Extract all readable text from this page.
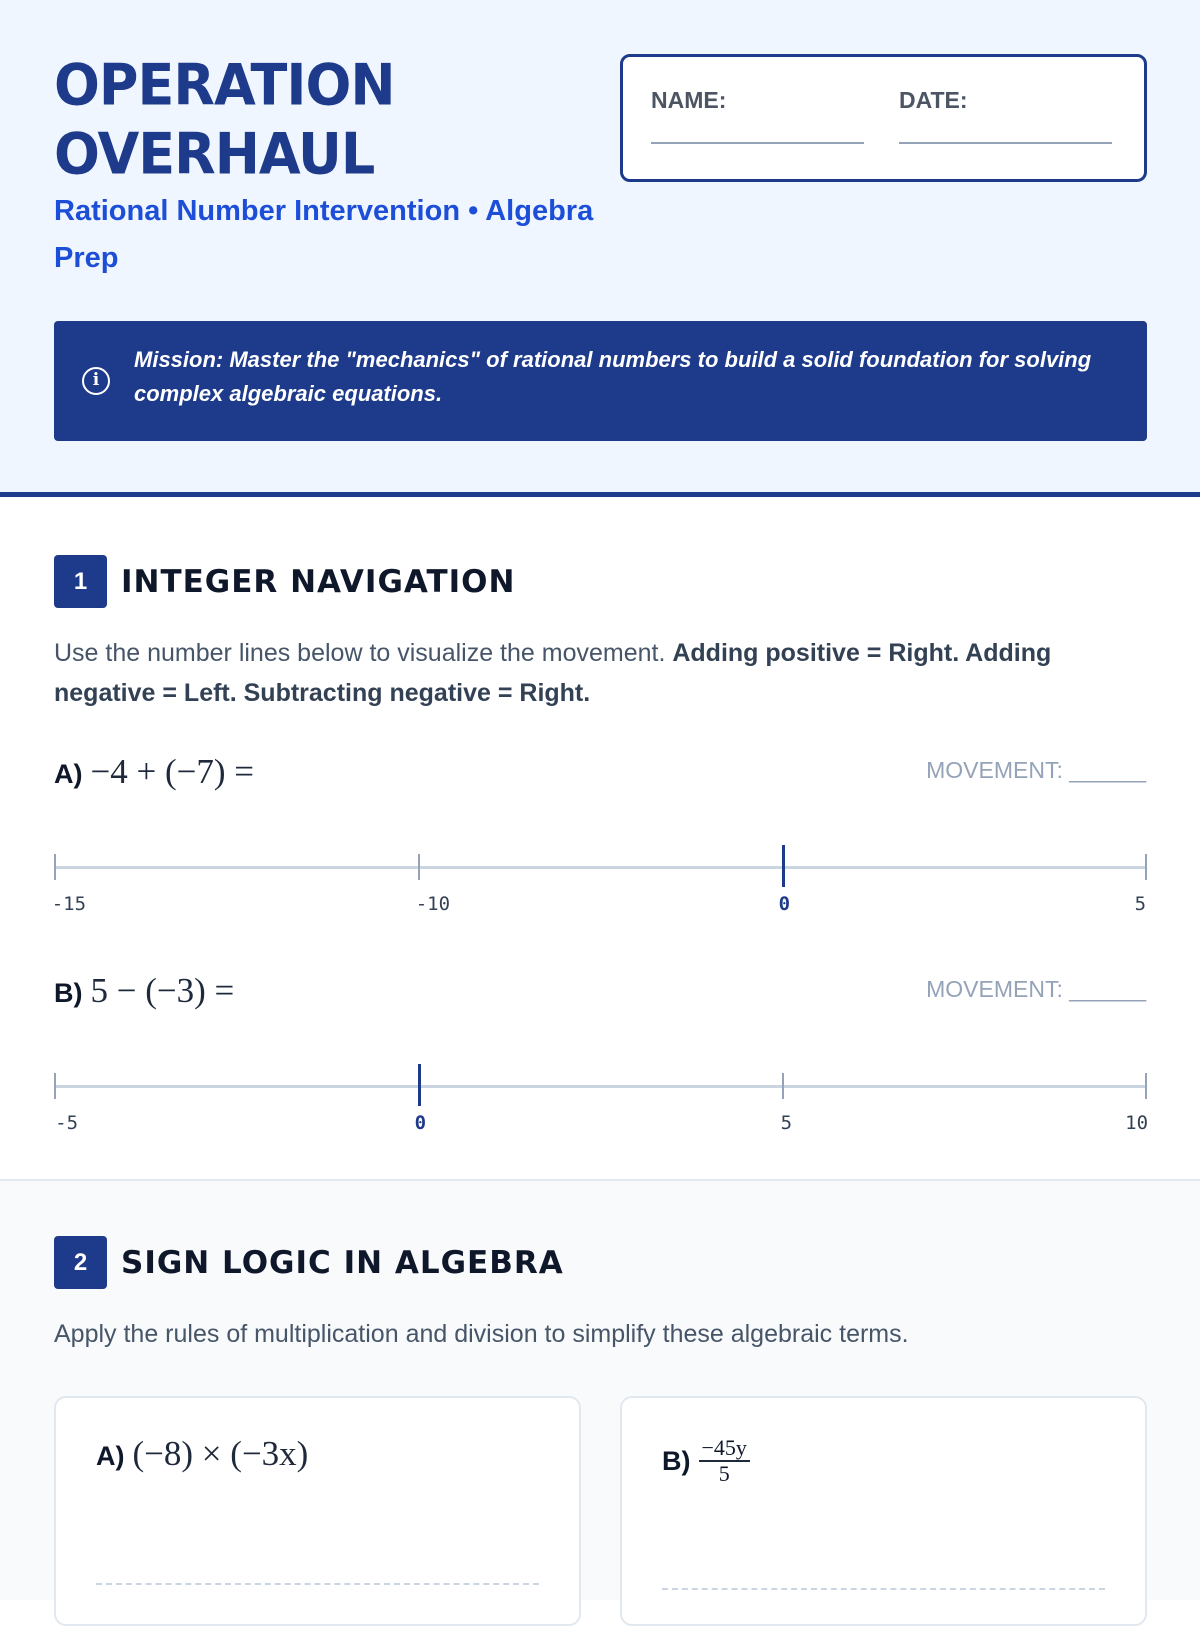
OPERATION
OVERHAUL
Rational Number Intervention • Algebra Prep
NAME:	DATE:
i
Mission: Master the "mechanics" of rational numbers to build a solid foundation for solving complex algebraic equations.
1	INTEGER NAVIGATION
Use the number lines below to visualize the movement. Adding positive = Right. Adding negative = Left. Subtracting negative = Right.
A) −4 + (−7) =	MOVEMENT: ______
-15	-10	0	5
B) 5 − (−3) =	MOVEMENT: ______
-5	0	5	10
2	SIGN LOGIC IN ALGEBRA
Apply the rules of multiplication and division to simplify these algebraic terms.
A) (−8) × (−3x)	$B) \frac{-45y}{5}$
